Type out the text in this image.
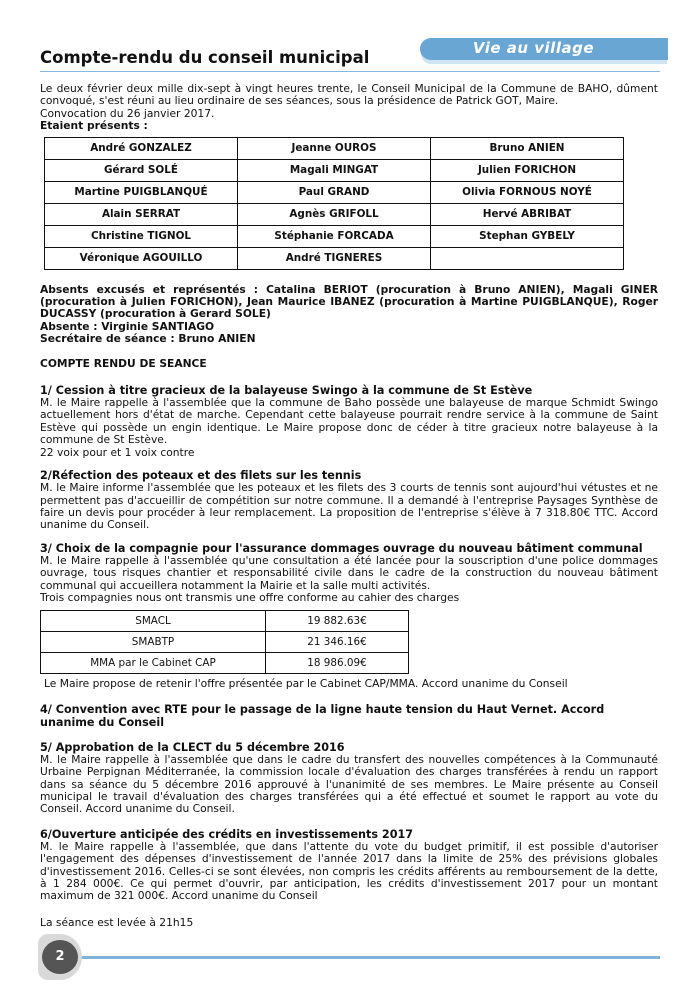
Compte-rendu du conseil municipal	Vie au village

Le deux février deux mille dix-sept à vingt heures trente, le Conseil Municipal de la Commune de BAHO, dûment convoqué, s'est réuni au lieu ordinaire de ses séances, sous la présidence de Patrick GOT, Maire.

Convocation du 26 janvier 2017.

Etaient présents :

André GONZALEZ	Jeanne OUROS	Bruno ANIEN
Gérard SOLÉ	Magali MINGAT	Julien FORICHON
Martine PUIGBLANQUÉ	Paul GRAND	Olivia FORNOUS NOYÉ
Alain SERRAT	Agnès GRIFOLL	Hervé ABRIBAT
Christine TIGNOL	Stéphanie FORCADA	Stephan GYBELY
Véronique AGOUILLO	André TIGNERES	

Absents excusés et représentés : Catalina BERIOT (procuration à Bruno ANIEN), Magali GINER (procuration à Julien FORICHON), Jean Maurice IBANEZ (procuration à Martine PUIGBLANQUE), Roger DUCASSY (procuration à Gerard SOLE)

Absente : Virginie SANTIAGO

Secrétaire de séance : Bruno ANIEN

COMPTE RENDU DE SEANCE

1/ Cession à titre gracieux de la balayeuse Swingo à la commune de St Estève

M. le Maire rappelle à l'assemblée que la commune de Baho possède une balayeuse de marque Schmidt Swingo actuellement hors d'état de marche. Cependant cette balayeuse pourrait rendre service à la commune de Saint Estève qui possède un engin identique. Le Maire propose donc de céder à titre gracieux notre balayeuse à la commune de St Estève.

22 voix pour et 1 voix contre

2/Réfection des poteaux et des filets sur les tennis

M. le Maire informe l'assemblée que les poteaux et les filets des 3 courts de tennis sont aujourd'hui vétustes et ne permettent pas d'accueillir de compétition sur notre commune. Il a demandé à l'entreprise Paysages Synthèse de faire un devis pour procéder à leur remplacement. La proposition de l'entreprise s'élève à 7 318.80€ TTC. Accord unanime du Conseil.

3/ Choix de la compagnie pour l'assurance dommages ouvrage du nouveau bâtiment communal

M. le Maire rappelle à l'assemblée qu'une consultation a été lancée pour la souscription d'une police dommages ouvrage, tous risques chantier et responsabilité civile dans le cadre de la construction du nouveau bâtiment communal qui accueillera notamment la Mairie et la salle multi activités.

Trois compagnies nous ont transmis une offre conforme au cahier des charges

SMACL	19 882.63€
SMABTP	21 346.16€
MMA par le Cabinet CAP	18 986.09€

Le Maire propose de retenir l'offre présentée par le Cabinet CAP/MMA. Accord unanime du Conseil

4/ Convention avec RTE pour le passage de la ligne haute tension du Haut Vernet. Accord unanime du Conseil

5/ Approbation de la CLECT du 5 décembre 2016

M. le Maire rappelle à l'assemblée que dans le cadre du transfert des nouvelles compétences à la Communauté Urbaine Perpignan Méditerranée, la commission locale d'évaluation des charges transférées à rendu un rapport dans sa séance du 5 décembre 2016 approuvé à l'unanimité de ses membres. Le Maire présente au Conseil municipal le travail d'évaluation des charges transférées qui a été effectué et soumet le rapport au vote du Conseil. Accord unanime du Conseil.

6/Ouverture anticipée des crédits en investissements 2017

M. le Maire rappelle à l'assemblée, que dans l'attente du vote du budget primitif, il est possible d'autoriser l'engagement des dépenses d'investissement de l'année 2017 dans la limite de 25% des prévisions globales d'investissement 2016. Celles-ci se sont élevées, non compris les crédits afférents au remboursement de la dette, à 1 284 000€. Ce qui permet d'ouvrir, par anticipation, les crédits d'investissement 2017 pour un montant maximum de 321 000€. Accord unanime du Conseil

La séance est levée à 21h15

2
